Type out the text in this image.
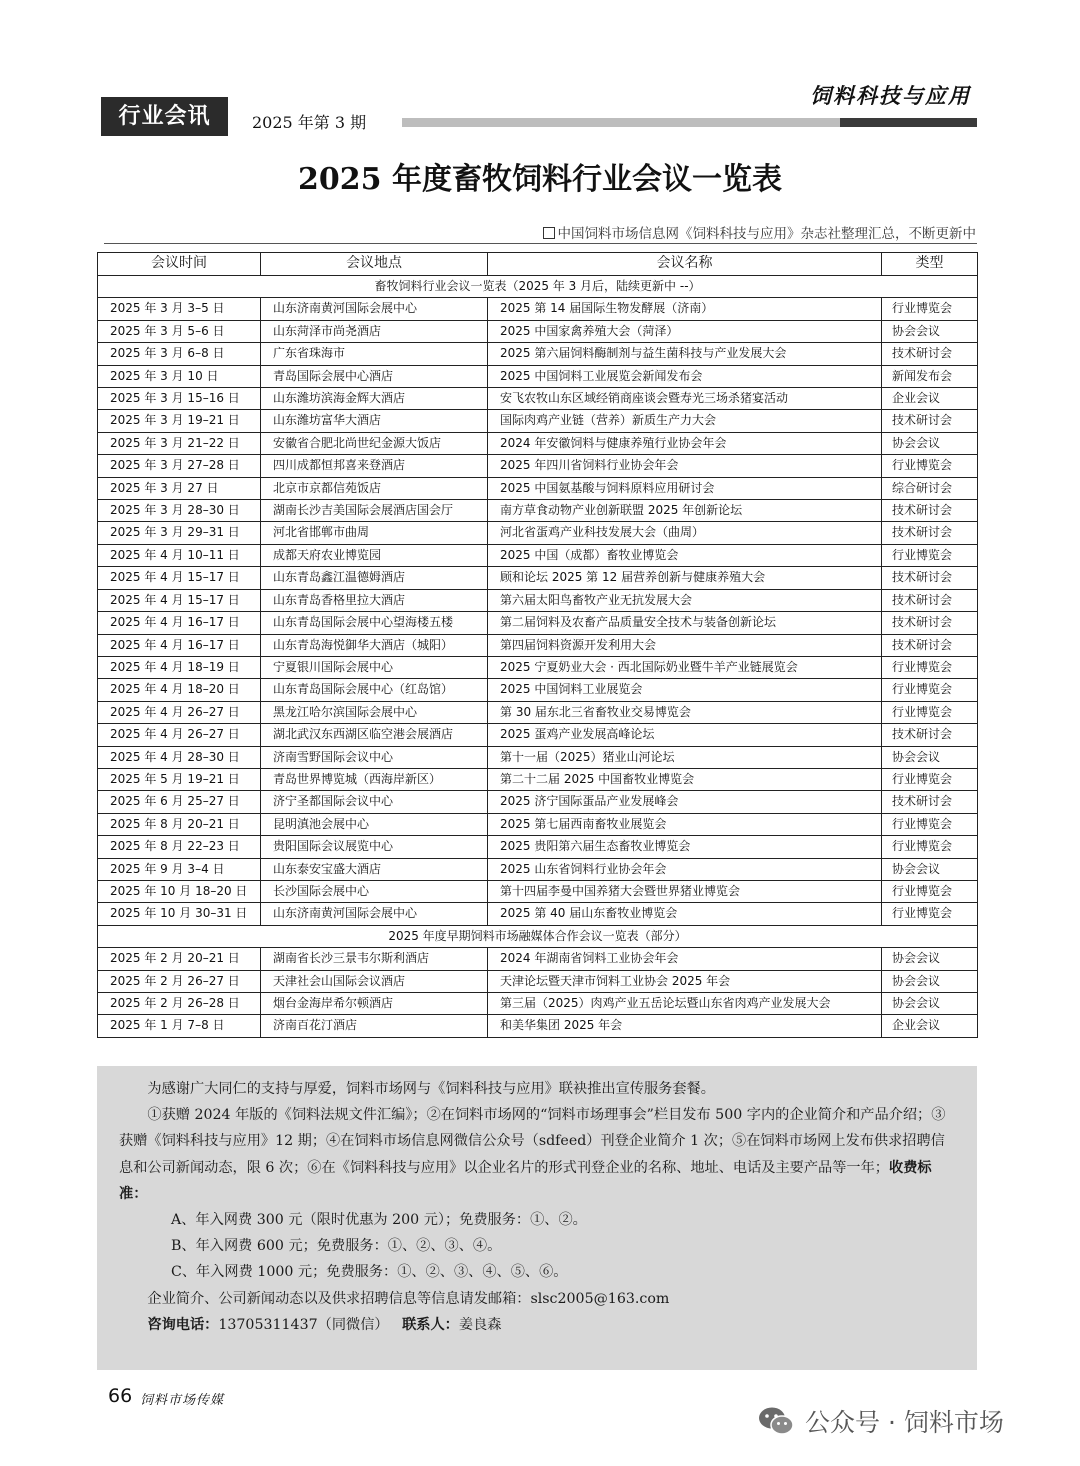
行业会讯	2025 年第 3 期
饲料科技与应用
2025 年度畜牧饲料行业会议一览表
中国饲料市场信息网《饲料科技与应用》杂志社整理汇总，不断更新中
会议时间	会议地点	会议名称	类型
畜牧饲料行业会议一览表（2025 年 3 月后，陆续更新中 --）			
2025 年 3 月 3–5 日	山东济南黄河国际会展中心	2025 第 14 届国际生物发酵展（济南）	行业博览会
2025 年 3 月 5–6 日	山东菏泽市尚尧酒店	2025 中国家禽养殖大会（菏泽）	协会会议
2025 年 3 月 6–8 日	广东省珠海市	2025 第六届饲料酶制剂与益生菌科技与产业发展大会	技术研讨会
2025 年 3 月 10 日	青岛国际会展中心酒店	2025 中国饲料工业展览会新闻发布会	新闻发布会
2025 年 3 月 15–16 日	山东潍坊滨海金辉大酒店	安飞农牧山东区域经销商座谈会暨寿光三场杀猪宴活动	企业会议
2025 年 3 月 19–21 日	山东潍坊富华大酒店	国际肉鸡产业链（营养）新质生产力大会	技术研讨会
2025 年 3 月 21–22 日	安徽省合肥北尚世纪金源大饭店	2024 年安徽饲料与健康养殖行业协会年会	协会会议
2025 年 3 月 27–28 日	四川成都恒邦喜来登酒店	2025 年四川省饲料行业协会年会	行业博览会
2025 年 3 月 27 日	北京市京都信苑饭店	2025 中国氨基酸与饲料原料应用研讨会	综合研讨会
2025 年 3 月 28–30 日	湖南长沙吉美国际会展酒店国会厅	南方草食动物产业创新联盟 2025 年创新论坛	技术研讨会
2025 年 3 月 29–31 日	河北省邯郸市曲周	河北省蛋鸡产业科技发展大会（曲周）	技术研讨会
2025 年 4 月 10–11 日	成都天府农业博览园	2025 中国（成都）畜牧业博览会	行业博览会
2025 年 4 月 15–17 日	山东青岛鑫江温德姆酒店	顾和论坛 2025 第 12 届营养创新与健康养殖大会	技术研讨会
2025 年 4 月 15–17 日	山东青岛香格里拉大酒店	第六届太阳鸟畜牧产业无抗发展大会	技术研讨会
2025 年 4 月 16–17 日	山东青岛国际会展中心望海楼五楼	第二届饲料及农畜产品质量安全技术与装备创新论坛	技术研讨会
2025 年 4 月 16–17 日	山东青岛海悦御华大酒店（城阳）	第四届饲料资源开发利用大会	技术研讨会
2025 年 4 月 18–19 日	宁夏银川国际会展中心	2025 宁夏奶业大会 · 西北国际奶业暨牛羊产业链展览会	行业博览会
2025 年 4 月 18–20 日	山东青岛国际会展中心（红岛馆）	2025 中国饲料工业展览会	行业博览会
2025 年 4 月 26–27 日	黑龙江哈尔滨国际会展中心	第 30 届东北三省畜牧业交易博览会	行业博览会
2025 年 4 月 26–27 日	湖北武汉东西湖区临空港会展酒店	2025 蛋鸡产业发展高峰论坛	技术研讨会
2025 年 4 月 28–30 日	济南雪野国际会议中心	第十一届（2025）猪业山河论坛	协会会议
2025 年 5 月 19–21 日	青岛世界博览城（西海岸新区）	第二十二届 2025 中国畜牧业博览会	行业博览会
2025 年 6 月 25–27 日	济宁圣都国际会议中心	2025 济宁国际蛋品产业发展峰会	技术研讨会
2025 年 8 月 20–21 日	昆明滇池会展中心	2025 第七届西南畜牧业展览会	行业博览会
2025 年 8 月 22–23 日	贵阳国际会议展览中心	2025 贵阳第六届生态畜牧业博览会	行业博览会
2025 年 9 月 3–4 日	山东泰安宝盛大酒店	2025 山东省饲料行业协会年会	协会会议
2025 年 10 月 18–20 日	长沙国际会展中心	第十四届李曼中国养猪大会暨世界猪业博览会	行业博览会
2025 年 10 月 30–31 日	山东济南黄河国际会展中心	2025 第 40 届山东畜牧业博览会	行业博览会
2025 年度早期饲料市场融媒体合作会议一览表（部分）			
2025 年 2 月 20–21 日	湖南省长沙三景韦尔斯利酒店	2024 年湖南省饲料工业协会年会	协会会议
2025 年 2 月 26–27 日	天津社会山国际会议酒店	天津论坛暨天津市饲料工业协会 2025 年会	协会会议
2025 年 2 月 26–28 日	烟台金海岸希尔顿酒店	第三届（2025）肉鸡产业五岳论坛暨山东省肉鸡产业发展大会	协会会议
2025 年 1 月 7–8 日	济南百花汀酒店	和美华集团 2025 年会	企业会议

为感谢广大同仁的支持与厚爱，饲料市场网与《饲料科技与应用》联袂推出宣传服务套餐。

①获赠 2024 年版的《饲料法规文件汇编》；②在饲料市场网的“饲料市场理事会”栏目发布 500 字内的企业简介和产品介绍；③获赠《饲料科技与应用》12 期；④在饲料市场信息网微信公众号（sdfeed）刊登企业简介 1 次；⑤在饲料市场网上发布供求招聘信息和公司新闻动态，限 6 次；⑥在《饲料科技与应用》以企业名片的形式刊登企业的名称、地址、电话及主要产品等一年；收费标准：

A、年入网费 300 元（限时优惠为 200 元）；免费服务：①、②。

B、年入网费 600 元；免费服务：①、②、③、④。

C、年入网费 1000 元；免费服务：①、②、③、④、⑤、⑥。

企业简介、公司新闻动态以及供求招聘信息等信息请发邮箱：slsc2005@163.com

咨询电话：13705311437（同微信） 联系人：姜良森

66 饲料市场传媒
公众号 · 饲料市场
